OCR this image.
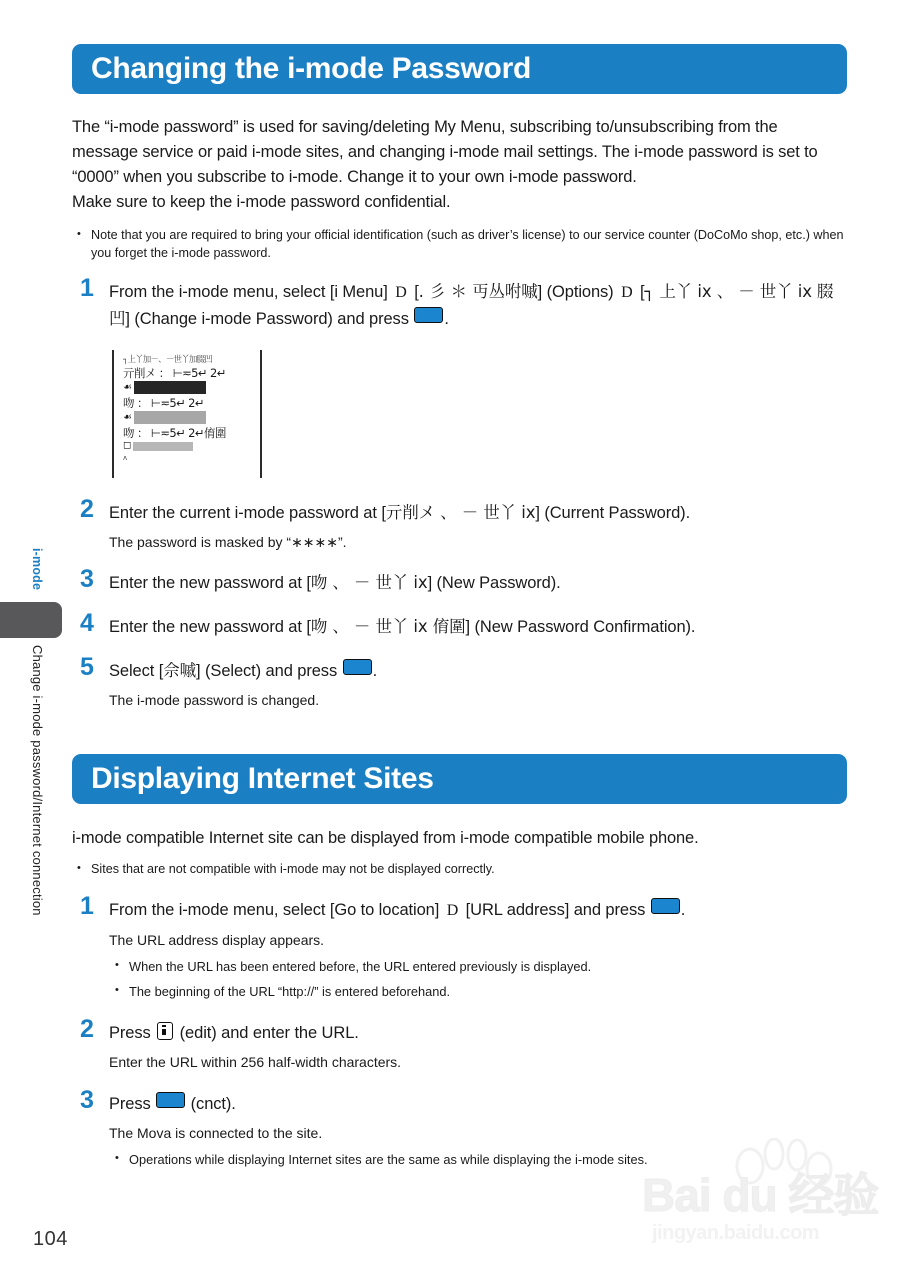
i-mode
Change i-mode password/Internet connection
104
Changing the i-mode Password
The “i-mode password” is used for saving/deleting My Menu, subscribing to/unsubscribing from the message service or paid i-mode sites, and changing i-mode mail settings. The i-mode password is set to “0000” when you subscribe to i-mode. Change it to your own i-mode password.
Make sure to keep the i-mode password confidential.
• Note that you are required to bring your official identification (such as driver’s license) to our service counter (DoCoMo shop, etc.) when you forget the i-mode password.
1 From the i-mode menu, select [i Menu] D [. 彡 ＊ 丏丛咐嘁] (Options) D [┐ 上丫 ix 、 － 世丫 ix 腏凹] (Change i-mode Password) and press .
┐上丫加－、－世丫加腏凹
亓削メ ： ⊢≂5↵ 2↵
☙
吻 ： ⊢≂5↵ 2↵
☙
吻 ： ⊢≂5↵ 2↵俼圍
◻
ʌ
2 Enter the current i-mode password at [亓削メ 、 － 世丫 ix] (Current Password).
The password is masked by “∗∗∗∗”.
3 Enter the new password at [吻 、 － 世丫 ix] (New Password).
4 Enter the new password at [吻 、 － 世丫 ix 俼圍] (New Password Confirmation).
5 Select [佘嘁] (Select) and press .
The i-mode password is changed.
Displaying Internet Sites
i-mode compatible Internet site can be displayed from i-mode compatible mobile phone.
• Sites that are not compatible with i-mode may not be displayed correctly.
1 From the i-mode menu, select [Go to location] D [URL address] and press .
The URL address display appears.
• When the URL has been entered before, the URL entered previously is displayed.
• The beginning of the URL “http://” is entered beforehand.
2 Press (edit) and enter the URL.
Enter the URL within 256 half-width characters.
3 Press (cnct).
The Mova is connected to the site.
• Operations while displaying Internet sites are the same as while displaying the i-mode sites.
Bai du 经验
jingyan.baidu.com
